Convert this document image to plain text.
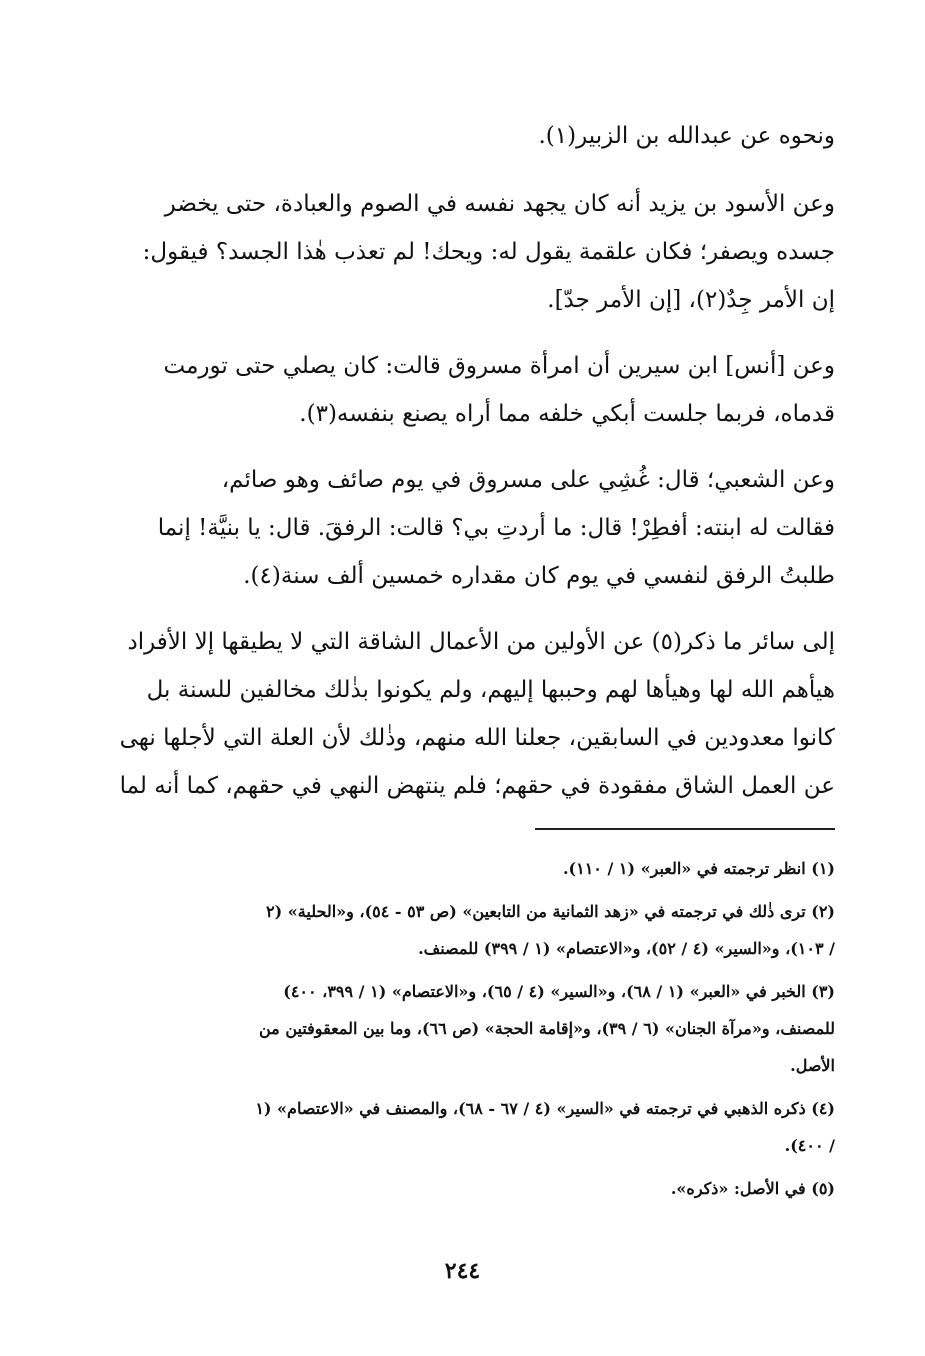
ونحوه عن عبدالله بن الزبير(١).

وعن الأسود بن يزيد أنه كان يجهد نفسه في الصوم والعبادة، حتى يخضر
جسده ويصفر؛ فكان علقمة يقول له: ويحك! لم تعذب هٰذا الجسد؟ فيقول:
إن الأمر جِدٌ(٢)، [إن الأمر جدّ].

وعن [أنس] ابن سيرين أن امرأة مسروق قالت: كان يصلي حتى تورمت
قدماه، فربما جلست أبكي خلفه مما أراه يصنع بنفسه(٣).

وعن الشعبي؛ قال: غُشِي على مسروق في يوم صائف وهو صائم،
فقالت له ابنته: أفطِرْ! قال: ما أردتِ بي؟ قالت: الرفقَ. قال: يا بنيَّة! إنما
طلبتُ الرفق لنفسي في يوم كان مقداره خمسين ألف سنة(٤).

إلى سائر ما ذكر(٥) عن الأولين من الأعمال الشاقة التي لا يطيقها إلا الأفراد
هيأهم الله لها وهيأها لهم وحببها إليهم، ولم يكونوا بذٰلك مخالفين للسنة بل
كانوا معدودين في السابقين، جعلنا الله منهم، وذٰلك لأن العلة التي لأجلها نهى
عن العمل الشاق مفقودة في حقهم؛ فلم ينتهض النهي في حقهم، كما أنه لما

(١) انظر ترجمته في «العبر» (١ / ١١٠).

(٢) ترى ذٰلك في ترجمته في «زهد الثمانية من التابعين» (ص ٥٣ - ٥٤)، و«الحلية» (٢
/ ١٠٣)، و«السير» (٤ / ٥٢)، و«الاعتصام» (١ / ٣٩٩) للمصنف.

(٣) الخبر في «العبر» (١ / ٦٨)، و«السير» (٤ / ٦٥)، و«الاعتصام» (١ / ٣٩٩، ٤٠٠)
للمصنف، و«مرآة الجنان» (٦ / ٣٩)، و«إقامة الحجة» (ص ٦٦)، وما بين المعقوفتين من
الأصل.

(٤) ذكره الذهبي في ترجمته في «السير» (٤ / ٦٧ - ٦٨)، والمصنف في «الاعتصام» (١
/ ٤٠٠).

(٥) في الأصل: «ذكره».

٢٤٤
